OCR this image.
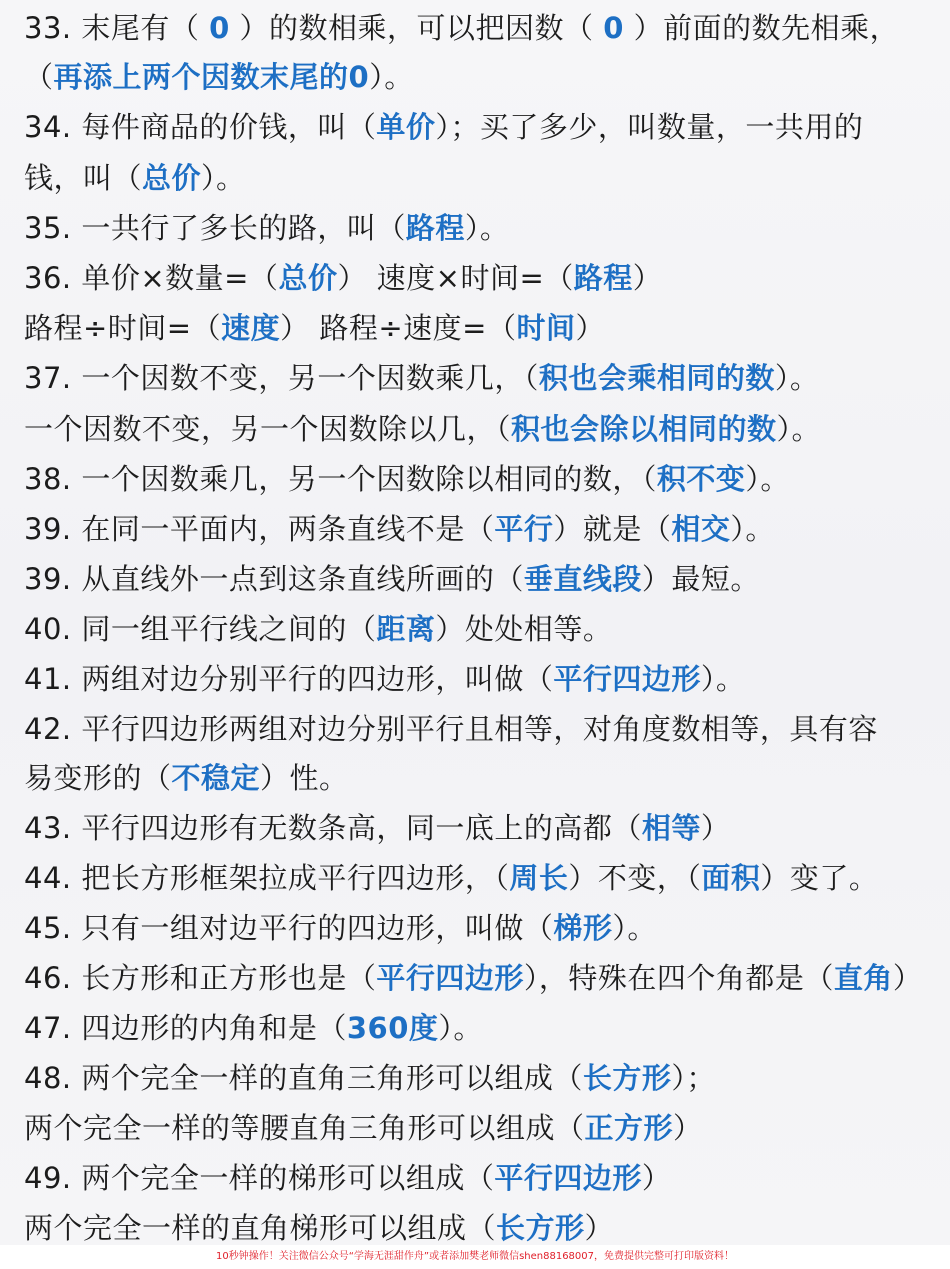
33. 末尾有（ 0 ）的数相乘，可以把因数（ 0 ）前面的数先相乘，
（再添上两个因数末尾的0）。
34. 每件商品的价钱，叫（单价）；买了多少，叫数量，一共用的
钱，叫（总价）。
35. 一共行了多长的路，叫（路程）。
36. 单价×数量=（总价） 速度×时间=（路程）
路程÷时间=（速度） 路程÷速度=（时间）
37. 一个因数不变，另一个因数乘几，（积也会乘相同的数）。
一个因数不变，另一个因数除以几，（积也会除以相同的数）。
38. 一个因数乘几，另一个因数除以相同的数，（积不变）。
39. 在同一平面内，两条直线不是（平行）就是（相交）。
39. 从直线外一点到这条直线所画的（垂直线段）最短。
40. 同一组平行线之间的（距离）处处相等。
41. 两组对边分别平行的四边形，叫做（平行四边形）。
42. 平行四边形两组对边分别平行且相等，对角度数相等，具有容
易变形的（不稳定）性。
43. 平行四边形有无数条高，同一底上的高都（相等）
44. 把长方形框架拉成平行四边形，（周长）不变，（面积）变了。
45. 只有一组对边平行的四边形，叫做（梯形）。
46. 长方形和正方形也是（平行四边形），特殊在四个角都是（直角）
47. 四边形的内角和是（360度）。
48. 两个完全一样的直角三角形可以组成（长方形）；
两个完全一样的等腰直角三角形可以组成（正方形）
49. 两个完全一样的梯形可以组成（平行四边形）
两个完全一样的直角梯形可以组成（长方形）
10秒钟操作！关注微信公众号“学海无涯甜作舟”或者添加樊老师微信shen88168007，免费提供完整可打印版资料！
